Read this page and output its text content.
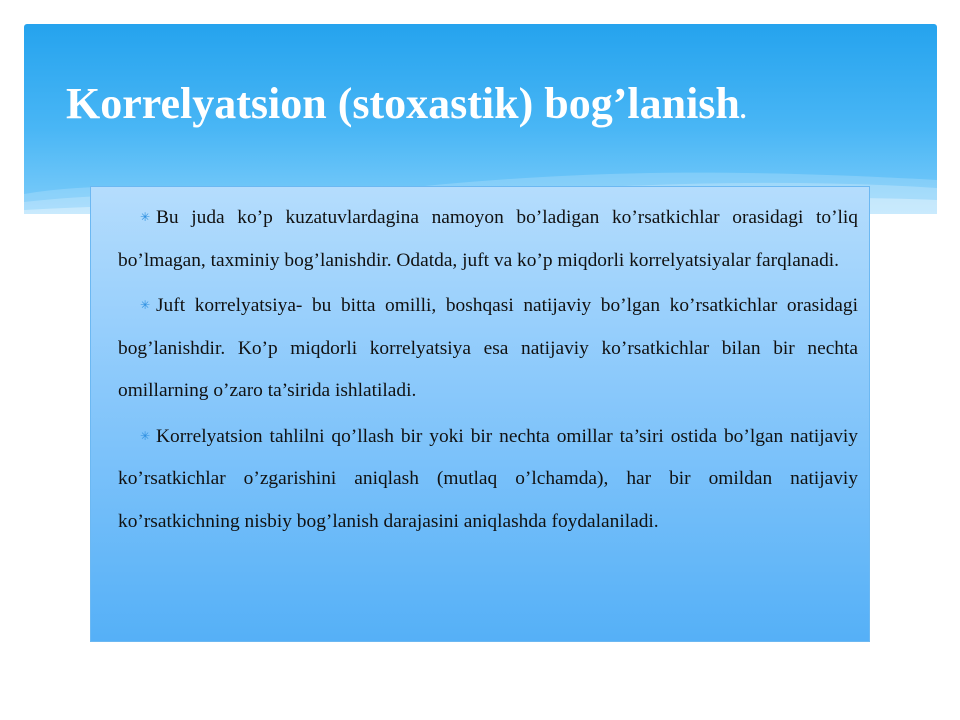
Korrelyatsion (stoxastik) bog’lanish.

✳ Bu juda ko’p kuzatuvlardagina namoyon bo’ladigan ko’rsatkichlar orasidagi to’liq bo’lmagan, taxminiy bog’lanishdir. Odatda, juft va ko’p miqdorli korrelyatsiyalar farqlanadi.

✳ Juft korrelyatsiya- bu bitta omilli, boshqasi natijaviy bo’lgan ko’rsatkichlar orasidagi bog’lanishdir. Ko’p miqdorli korrelyatsiya esa natijaviy ko’rsatkichlar bilan bir nechta omillarning o’zaro ta’sirida ishlatiladi.

✳ Korrelyatsion tahlilni qo’llash bir yoki bir nechta omillar ta’siri ostida bo’lgan natijaviy ko’rsatkichlar o’zgarishini aniqlash (mutlaq o’lchamda), har bir omildan natijaviy ko’rsatkichning nisbiy bog’lanish darajasini aniqlashda foydalaniladi.
